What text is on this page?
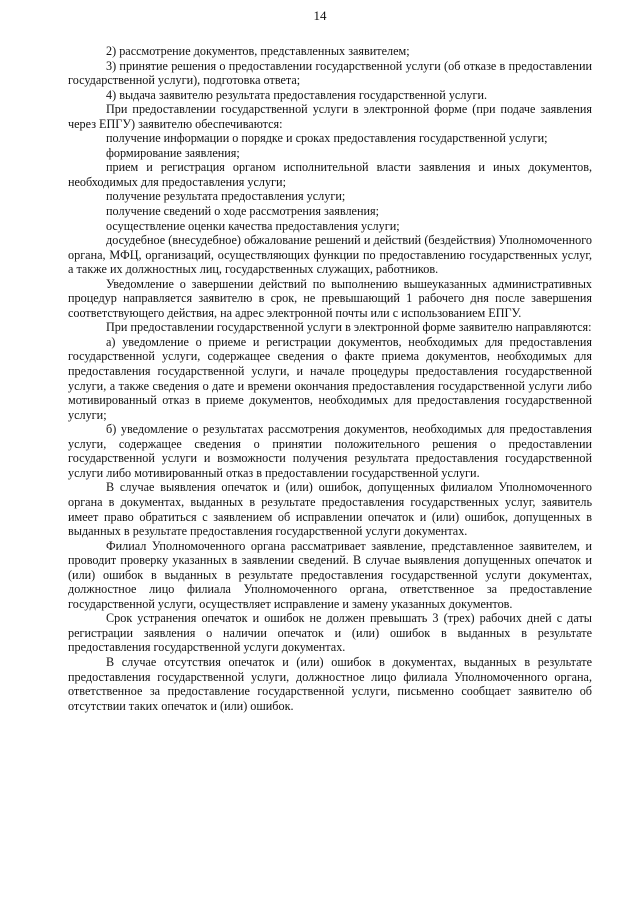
14

2) рассмотрение документов, представленных заявителем;

3) принятие решения о предоставлении государственной услуги (об отказе в предоставлении государственной услуги), подготовка ответа;

4) выдача заявителю результата предоставления государственной услуги.

При предоставлении государственной услуги в электронной форме (при подаче заявления через ЕПГУ) заявителю обеспечиваются:

получение информации о порядке и сроках предоставления государственной услуги;

формирование заявления;

прием и регистрация органом исполнительной власти заявления и иных документов, необходимых для предоставления услуги;

получение результата предоставления услуги;

получение сведений о ходе рассмотрения заявления;

осуществление оценки качества предоставления услуги;

досудебное (внесудебное) обжалование решений и действий (бездействия) Уполномоченного органа, МФЦ, организаций, осуществляющих функции по предоставлению государственных услуг, а также их должностных лиц, государственных служащих, работников.

Уведомление о завершении действий по выполнению вышеуказанных административных процедур направляется заявителю в срок, не превышающий 1 рабочего дня после завершения соответствующего действия, на адрес электронной почты или с использованием ЕПГУ.

При предоставлении государственной услуги в электронной форме заявителю направляются:

а) уведомление о приеме и регистрации документов, необходимых для предоставления государственной услуги, содержащее сведения о факте приема документов, необходимых для предоставления государственной услуги, и начале процедуры предоставления государственной услуги, а также сведения о дате и времени окончания предоставления государственной услуги либо мотивированный отказ в приеме документов, необходимых для предоставления государственной услуги;

б) уведомление о результатах рассмотрения документов, необходимых для предоставления услуги, содержащее сведения о принятии положительного решения о предоставлении государственной услуги и возможности получения результата предоставления государственной услуги либо мотивированный отказ в предоставлении государственной услуги.

В случае выявления опечаток и (или) ошибок, допущенных филиалом Уполномоченного органа в документах, выданных в результате предоставления государственных услуг, заявитель имеет право обратиться с заявлением об исправлении опечаток и (или) ошибок, допущенных в выданных в результате предоставления государственной услуги документах.

Филиал Уполномоченного органа рассматривает заявление, представленное заявителем, и проводит проверку указанных в заявлении сведений. В случае выявления допущенных опечаток и (или) ошибок в выданных в результате предоставления государственной услуги документах, должностное лицо филиала Уполномоченного органа, ответственное за предоставление государственной услуги, осуществляет исправление и замену указанных документов.

Срок устранения опечаток и ошибок не должен превышать 3 (трех) рабочих дней с даты регистрации заявления о наличии опечаток и (или) ошибок в выданных в результате предоставления государственной услуги документах.

В случае отсутствия опечаток и (или) ошибок в документах, выданных в результате предоставления государственной услуги, должностное лицо филиала Уполномоченного органа, ответственное за предоставление государственной услуги, письменно сообщает заявителю об отсутствии таких опечаток и (или) ошибок.
